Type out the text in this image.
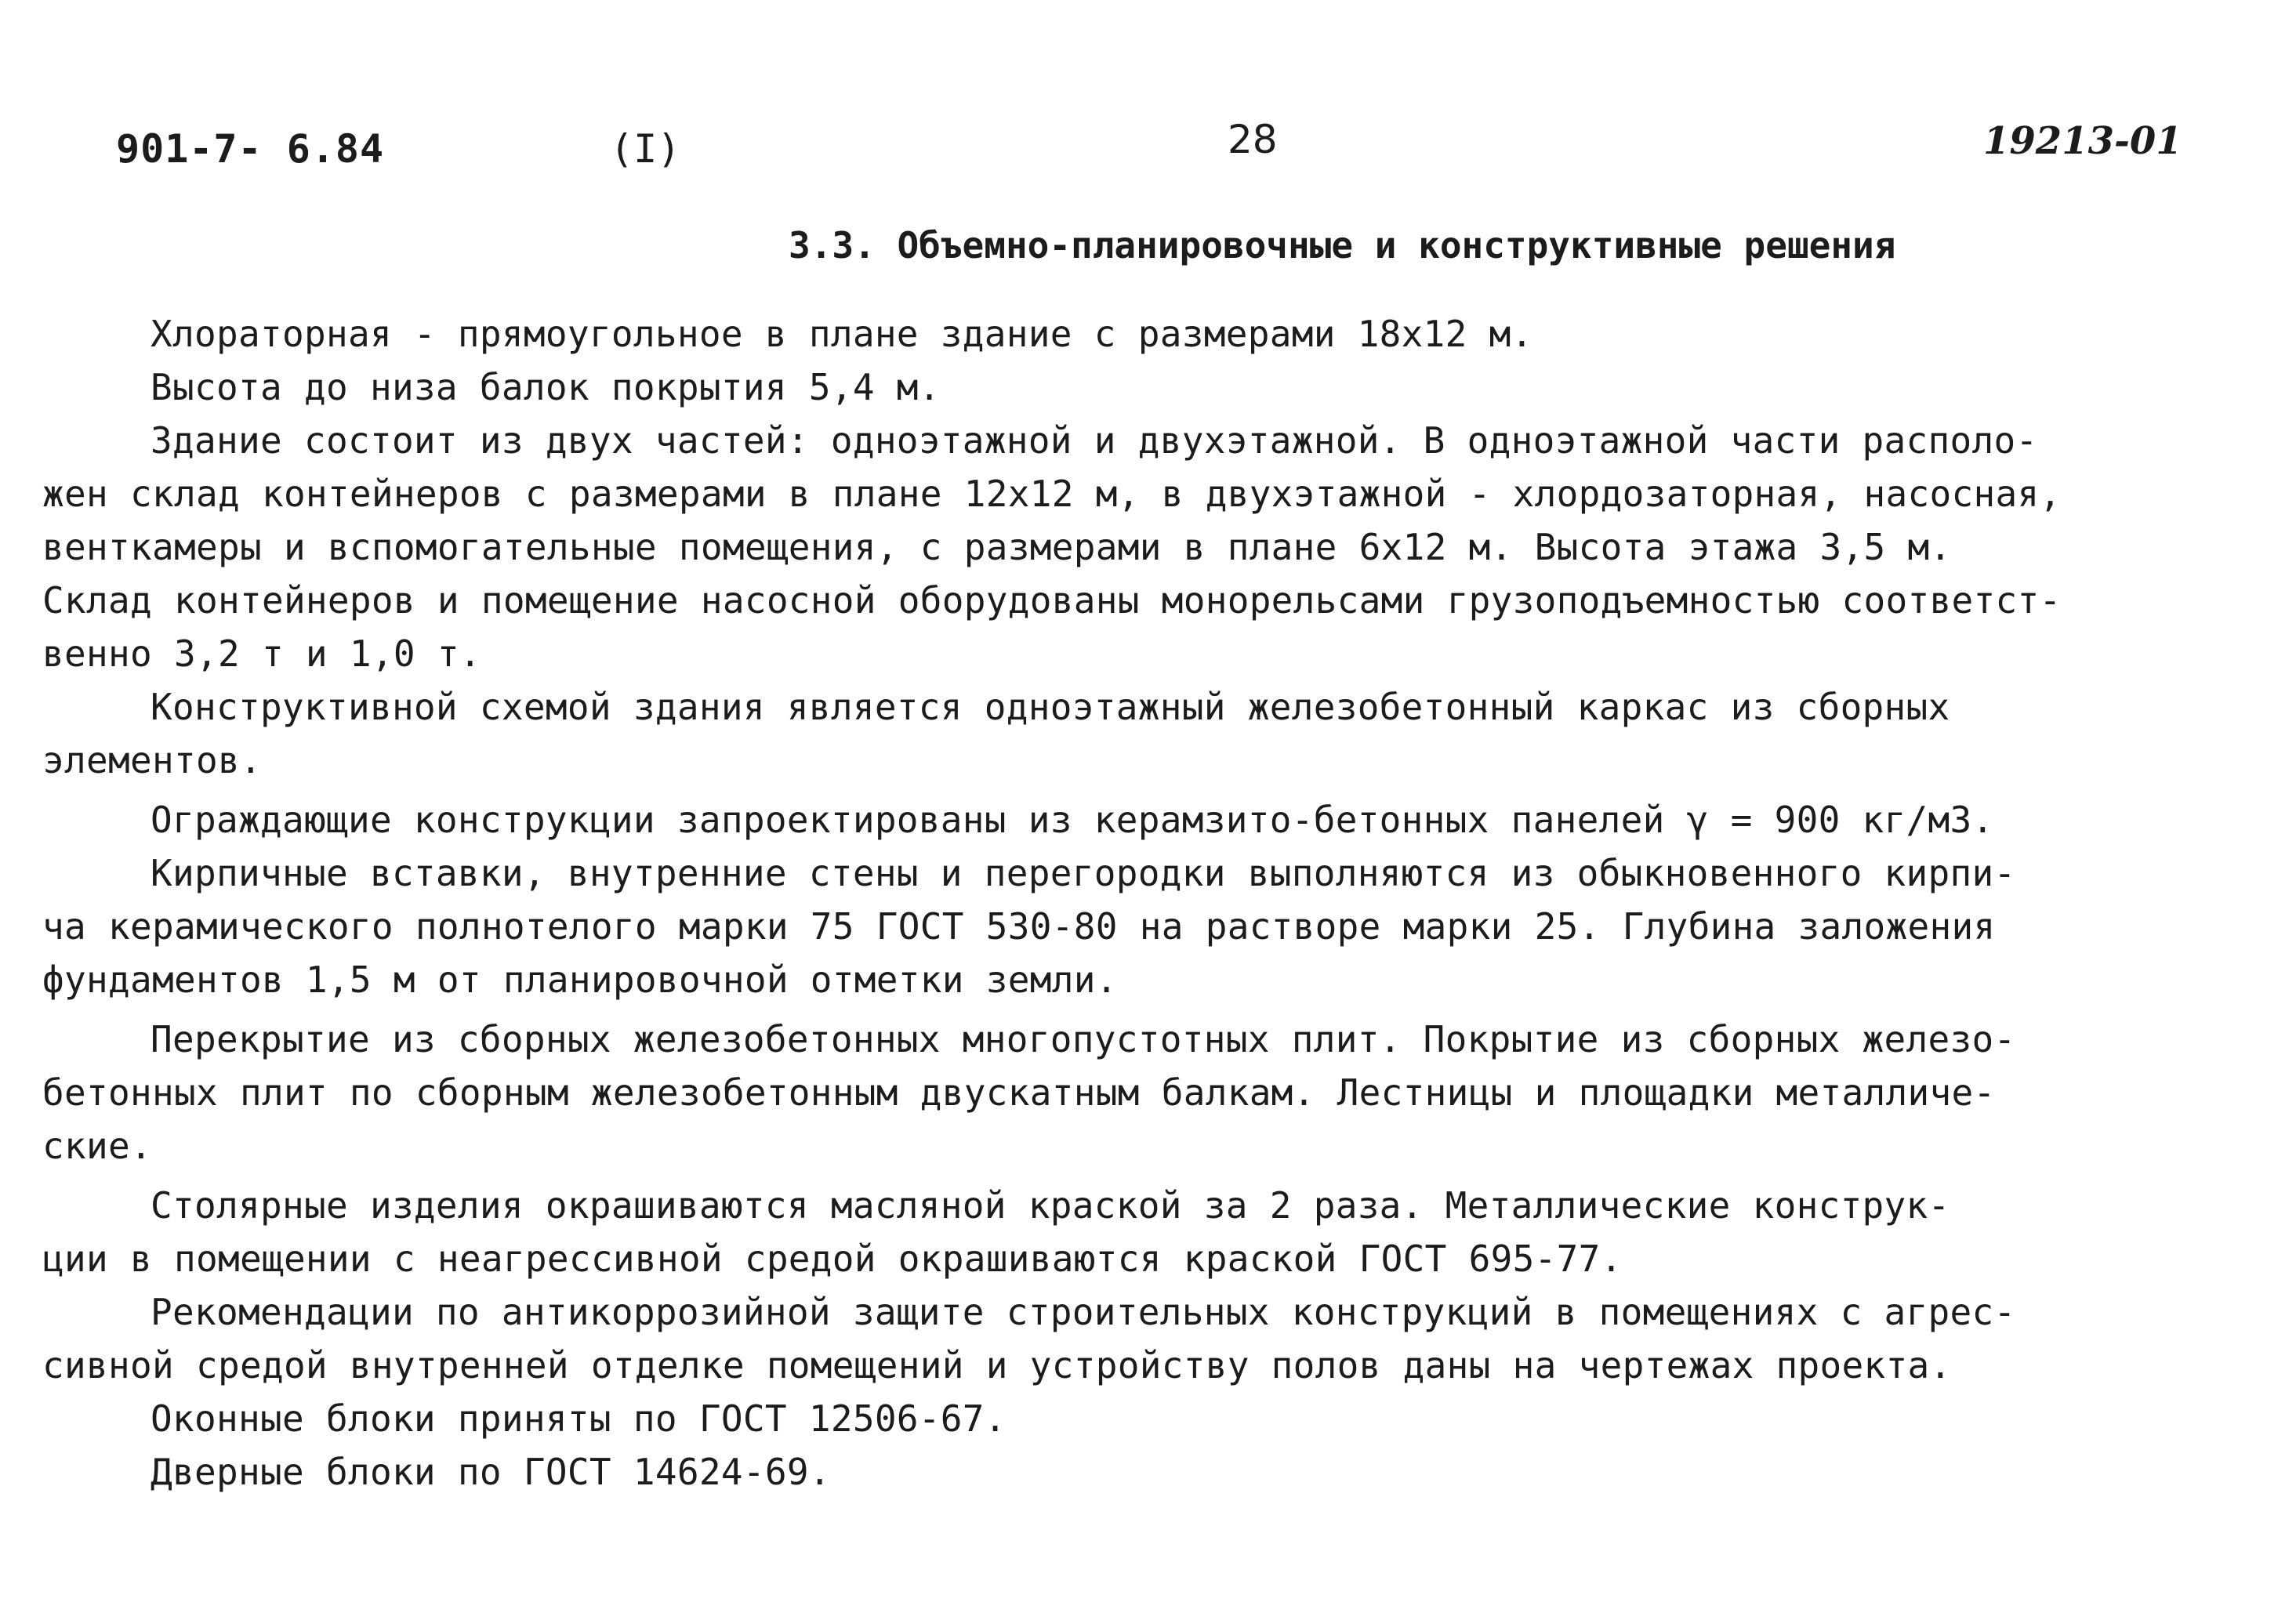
901-7- 6.84	(I)	28	19213-01
3.3. Объемно-планировочные и конструктивные решения
Хлораторная - прямоугольное в плане здание с размерами 18х12 м.
Высота до низа балок покрытия 5,4 м.
Здание состоит из двух частей: одноэтажной и двухэтажной. В одноэтажной части располо-
жен склад контейнеров с размерами в плане 12х12 м, в двухэтажной - хлордозаторная, насосная,
венткамеры и вспомогательные помещения, с размерами в плане 6х12 м. Высота этажа 3,5 м.
Склад контейнеров и помещение насосной оборудованы монорельсами грузоподъемностью соответст-
венно 3,2 т и 1,0 т.
Конструктивной схемой здания является одноэтажный железобетонный каркас из сборных
элементов.
Ограждающие конструкции запроектированы из керамзито-бетонных панелей γ = 900 кг/м3.
Кирпичные вставки, внутренние стены и перегородки выполняются из обыкновенного кирпи-
ча керамического полнотелого марки 75 ГОСТ 530-80 на растворе марки 25. Глубина заложения
фундаментов 1,5 м от планировочной отметки земли.
Перекрытие из сборных железобетонных многопустотных плит. Покрытие из сборных железо-
бетонных плит по сборным железобетонным двускатным балкам. Лестницы и площадки металличе-
ские.
Столярные изделия окрашиваются масляной краской за 2 раза. Металлические конструк-
ции в помещении с неагрессивной средой окрашиваются краской ГОСТ 695-77.
Рекомендации по антикоррозийной защите строительных конструкций в помещениях с агрес-
сивной средой внутренней отделке помещений и устройству полов даны на чертежах проекта.
Оконные блоки приняты по ГОСТ 12506-67.
Дверные блоки по ГОСТ 14624-69.
